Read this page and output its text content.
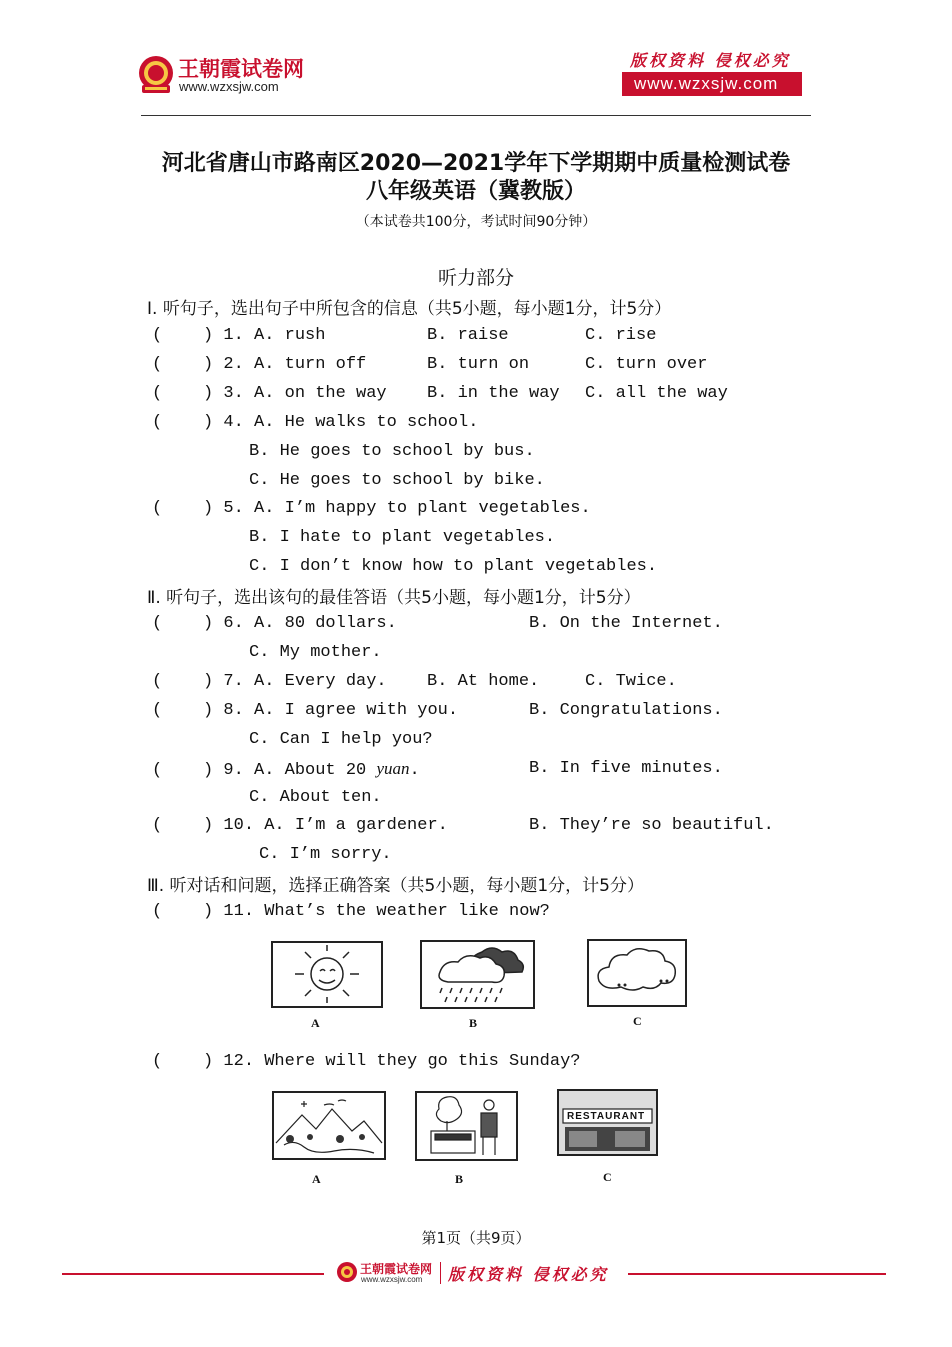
王朝霞试卷网
www.wzxsjw.com
版权资料 侵权必究
www.wzxsjw.com
河北省唐山市路南区2020—2021学年下学期期中质量检测试卷
八年级英语（冀教版）
（本试卷共100分，考试时间90分钟）
听力部分
Ⅰ. 听句子，选出句子中所包含的信息（共5小题，每小题1分，计5分）
(    ) 1. A. rush	B. raise	C. rise
(    ) 2. A. turn off	B. turn on	C. turn over
(    ) 3. A. on the way B. in the way C. all the way
(    ) 4. A. He walks to school.
B. He goes to school by bus.
C. He goes to school by bike.
(    ) 5. A. I’m happy to plant vegetables.
B. I hate to plant vegetables.
C. I don’t know how to plant vegetables.
Ⅱ. 听句子，选出该句的最佳答语（共5小题，每小题1分，计5分）
(    ) 6. A. 80 dollars.	B. On the Internet.
C. My mother.
(    ) 7. A. Every day. B. At home.	C. Twice.
(    ) 8. A. I agree with you.	B. Congratulations.
C. Can I help you?
(    ) 9. A. About 20 yuan.	B. In five minutes.
C. About ten.
(    ) 10. A. I’m a gardener.	B. They’re so beautiful.
C. I’m sorry.
Ⅲ. 听对话和问题，选择正确答案（共5小题，每小题1分，计5分）
(    ) 11. What’s the weather like now?
A	B	C
(    ) 12. Where will they go this Sunday?
A	B
RESTAURANT
C
第1页（共9页）
王朝霞试卷网
www.wzxsjw.com 版权资料 侵权必究
